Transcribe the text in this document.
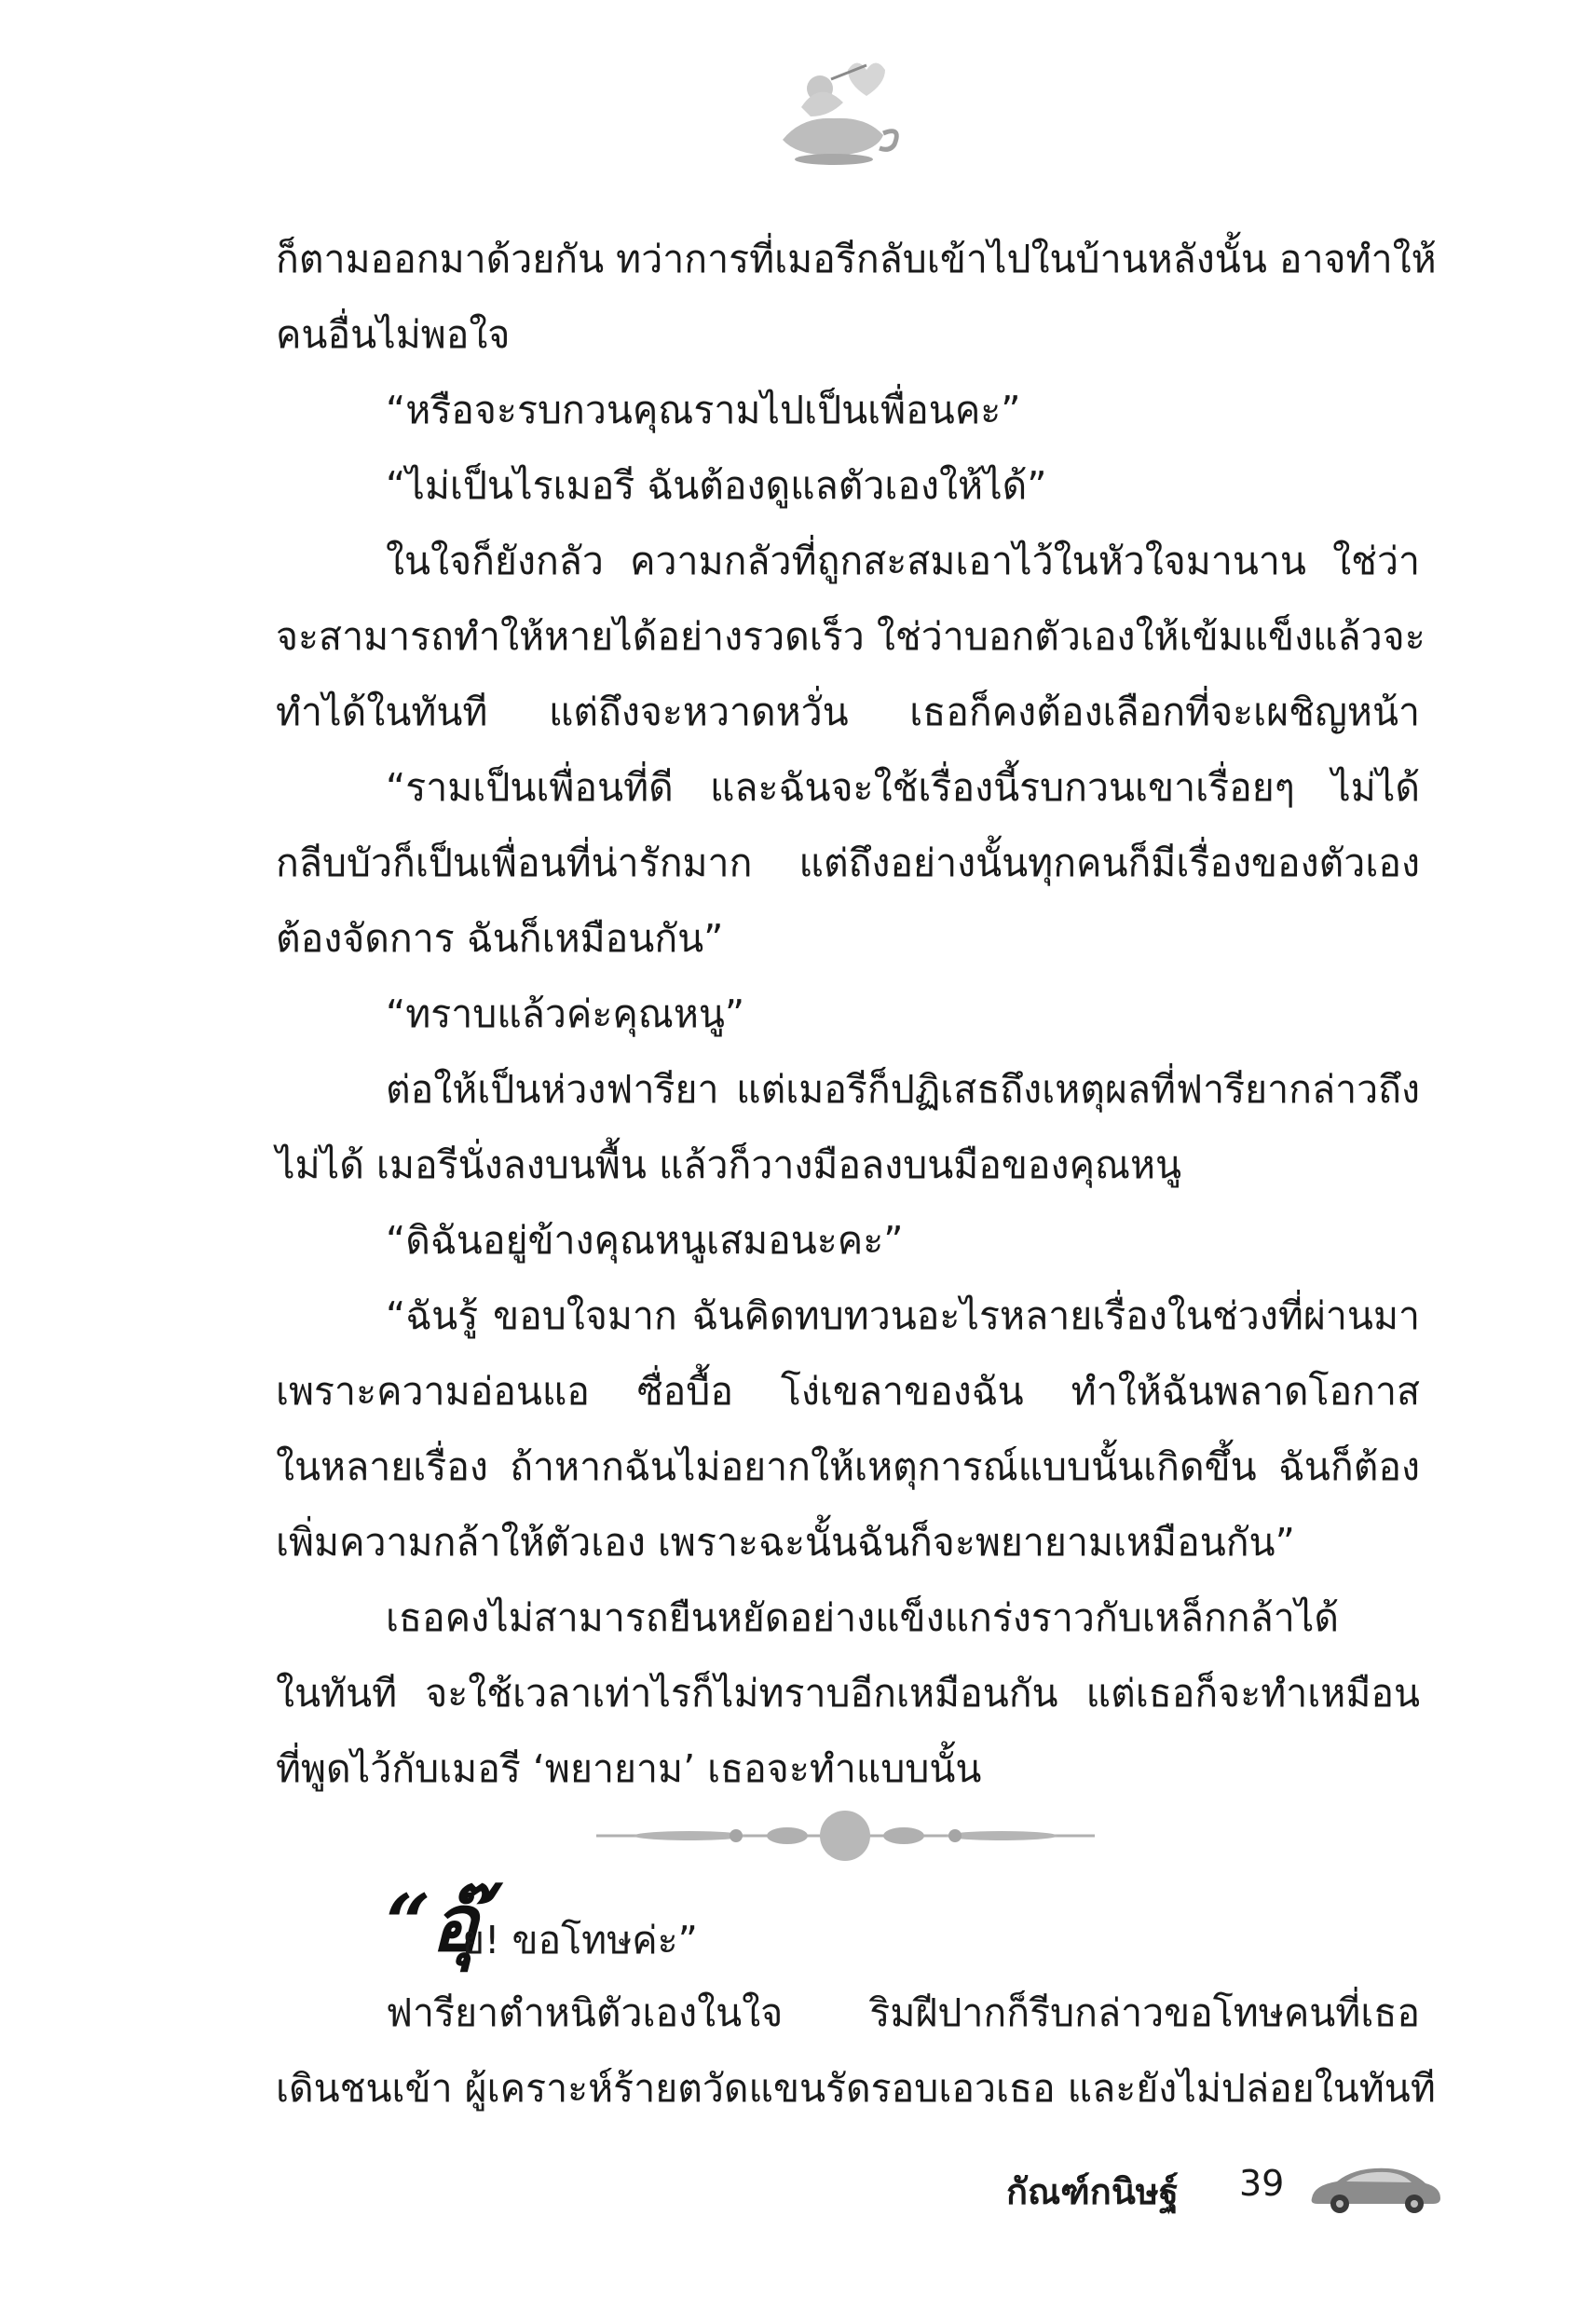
ก็ตามออกมาด้วยกัน ทว่าการที่เมอรีกลับเข้าไปในบ้านหลังนั้น อาจทำให้
คนอื่นไม่พอใจ
“หรือจะรบกวนคุณรามไปเป็นเพื่อนคะ”
“ไม่เป็นไรเมอรี ฉันต้องดูแลตัวเองให้ได้”
ในใจก็ยังกลัว ความกลัวที่ถูกสะสมเอาไว้ในหัวใจมานาน ใช่ว่า
จะสามารถทำให้หายได้อย่างรวดเร็ว ใช่ว่าบอกตัวเองให้เข้มแข็งแล้วจะ
ทำได้ในทันที แต่ถึงจะหวาดหวั่น เธอก็คงต้องเลือกที่จะเผชิญหน้า
“รามเป็นเพื่อนที่ดี และฉันจะใช้เรื่องนี้รบกวนเขาเรื่อยๆ ไม่ได้
กลีบบัวก็เป็นเพื่อนที่น่ารักมาก แต่ถึงอย่างนั้นทุกคนก็มีเรื่องของตัวเอง
ต้องจัดการ ฉันก็เหมือนกัน”
“ทราบแล้วค่ะคุณหนู”
ต่อให้เป็นห่วงฟารียา แต่เมอรีก็ปฏิเสธถึงเหตุผลที่ฟารียากล่าวถึง
ไม่ได้ เมอรีนั่งลงบนพื้น แล้วก็วางมือลงบนมือของคุณหนู
“ดิฉันอยู่ข้างคุณหนูเสมอนะคะ”
“ฉันรู้ ขอบใจมาก ฉันคิดทบทวนอะไรหลายเรื่องในช่วงที่ผ่านมา
เพราะความอ่อนแอ ซื่อบื้อ โง่เขลาของฉัน ทำให้ฉันพลาดโอกาส
ในหลายเรื่อง ถ้าหากฉันไม่อยากให้เหตุการณ์แบบนั้นเกิดขึ้น ฉันก็ต้อง
เพิ่มความกล้าให้ตัวเอง เพราะฉะนั้นฉันก็จะพยายามเหมือนกัน”
เธอคงไม่สามารถยืนหยัดอย่างแข็งแกร่งราวกับเหล็กกล้าได้
ในทันที จะใช้เวลาเท่าไรก็ไม่ทราบอีกเหมือนกัน แต่เธอก็จะทำเหมือน
ที่พูดไว้กับเมอรี ‘พยายาม’ เธอจะทำแบบนั้น
“อุ๊
ย! ขอโทษค่ะ”
ฟารียาตำหนิตัวเองในใจ ริมฝีปากก็รีบกล่าวขอโทษคนที่เธอ
เดินชนเข้า ผู้เคราะห์ร้ายตวัดแขนรัดรอบเอวเธอ และยังไม่ปล่อยในทันที
กัณฑ์กนิษฐ์ 39
